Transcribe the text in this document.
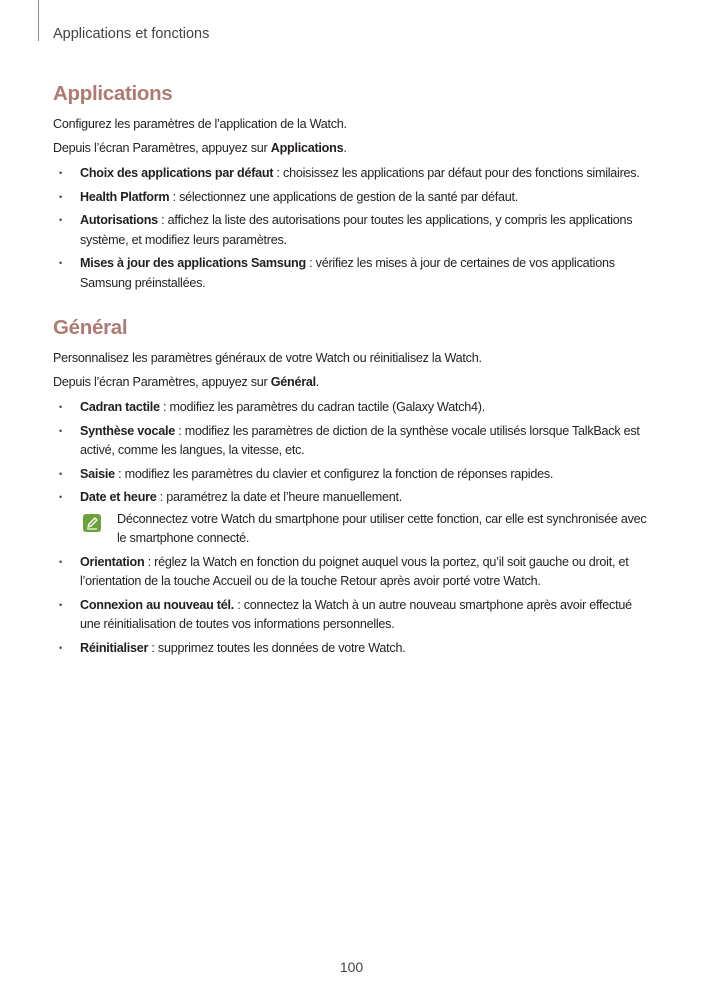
Applications et fonctions
Applications

Configurez les paramètres de l’application de la Watch.

Depuis l’écran Paramètres, appuyez sur Applications.

• Choix des applications par défaut : choisissez les applications par défaut pour des fonctions similaires.
• Health Platform : sélectionnez une applications de gestion de la santé par défaut.
• Autorisations : affichez la liste des autorisations pour toutes les applications, y compris les applications système, et modifiez leurs paramètres.
• Mises à jour des applications Samsung : vérifiez les mises à jour de certaines de vos applications Samsung préinstallées.
Général

Personnalisez les paramètres généraux de votre Watch ou réinitialisez la Watch.

Depuis l’écran Paramètres, appuyez sur Général.

• Cadran tactile : modifiez les paramètres du cadran tactile (Galaxy Watch4).
• Synthèse vocale : modifiez les paramètres de diction de la synthèse vocale utilisés lorsque TalkBack est activé, comme les langues, la vitesse, etc.
• Saisie : modifiez les paramètres du clavier et configurez la fonction de réponses rapides.
• Date et heure : paramétrez la date et l’heure manuellement.
Déconnectez votre Watch du smartphone pour utiliser cette fonction, car elle est synchronisée avec le smartphone connecté.
• Orientation : réglez la Watch en fonction du poignet auquel vous la portez, qu’il soit gauche ou droit, et l’orientation de la touche Accueil ou de la touche Retour après avoir porté votre Watch.
• Connexion au nouveau tél. : connectez la Watch à un autre nouveau smartphone après avoir effectué une réinitialisation de toutes vos informations personnelles.
• Réinitialiser : supprimez toutes les données de votre Watch.
100
